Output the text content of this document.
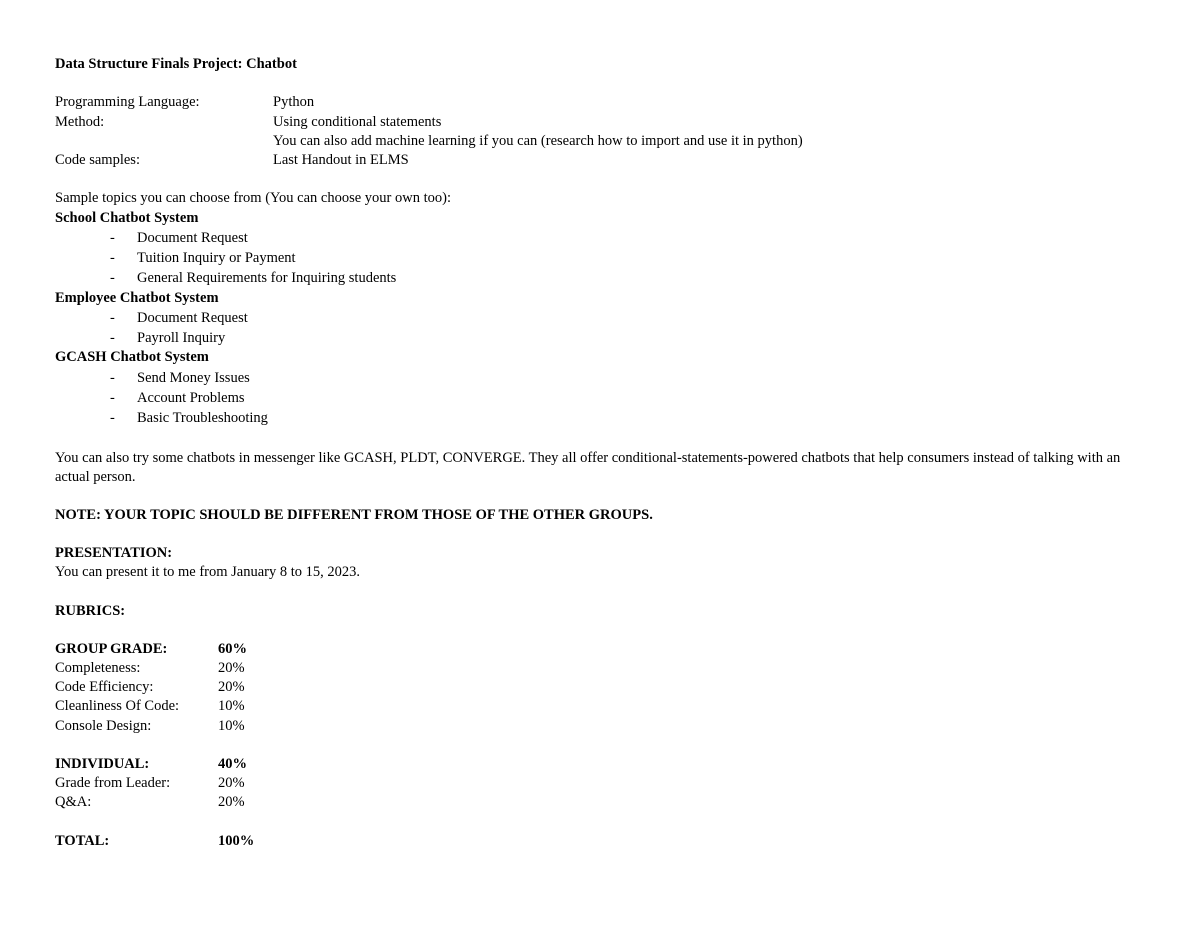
Data Structure Finals Project: Chatbot
Programming Language:	Python
Method:	Using conditional statements
You can also add machine learning if you can (research how to import and use it in python)
Code samples:	Last Handout in ELMS
Sample topics you can choose from (You can choose your own too):
School Chatbot System
- Document Request
- Tuition Inquiry or Payment
- General Requirements for Inquiring students
Employee Chatbot System
- Document Request
- Payroll Inquiry
GCASH Chatbot System
- Send Money Issues
- Account Problems
- Basic Troubleshooting
You can also try some chatbots in messenger like GCASH, PLDT, CONVERGE. They all offer conditional-statements-powered chatbots that help consumers instead of talking with an actual person.
NOTE: YOUR TOPIC SHOULD BE DIFFERENT FROM THOSE OF THE OTHER GROUPS.
PRESENTATION:
You can present it to me from January 8 to 15, 2023.
RUBRICS:
GROUP GRADE:	60%
Completeness:	20%
Code Efficiency:	20%
Cleanliness Of Code:	10%
Console Design:	10%
INDIVIDUAL:	40%
Grade from Leader:	20%
Q&A:	20%
TOTAL:	100%
